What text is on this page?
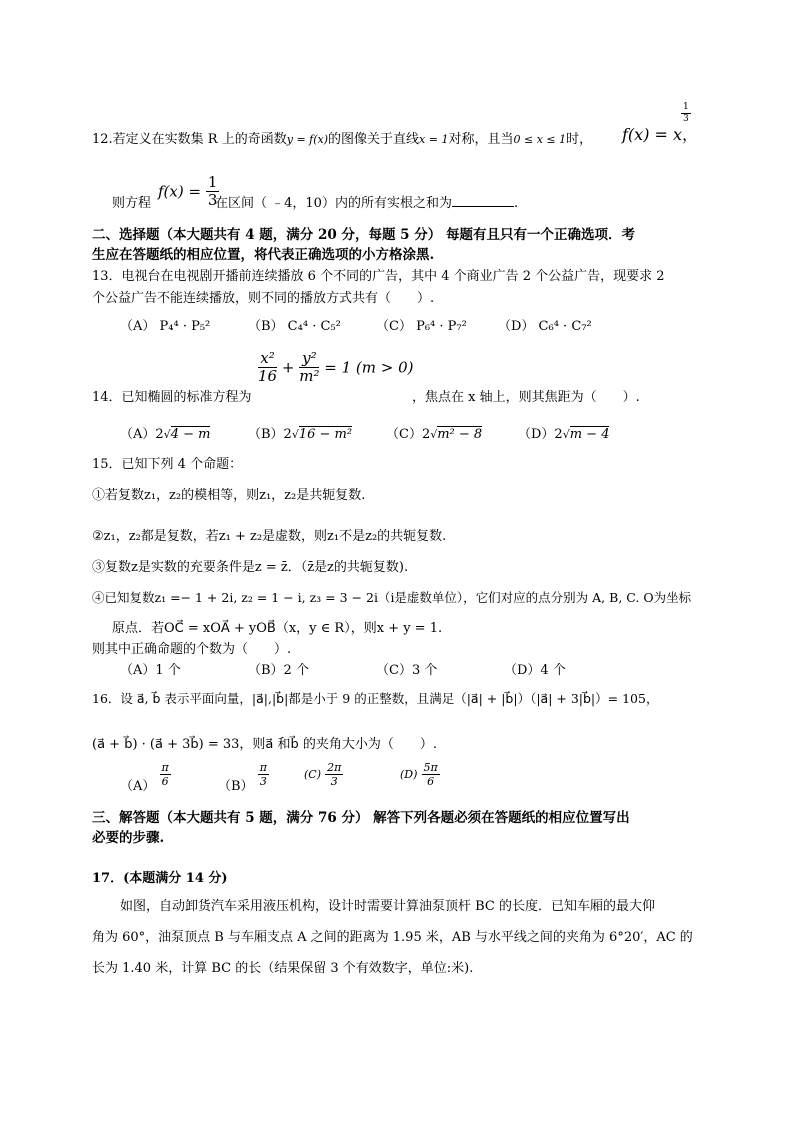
12.若定义在实数集 R 上的奇函数y = f(x)的图像关于直线x = 1对称，且当0 ≤ x ≤ 1时， f(x) = x，
$\frac{1}{3}$
则方程
$f(x) = \frac{1}{3}$
在区间（ ﹣4，10）内的所有实根之和为	.
二、选择题（本大题共有 4 题，满分 20 分，每题 5 分） 每题有且只有一个正确选项．考
生应在答题纸的相应位置，将代表正确选项的小方格涂黑.
13．电视台在电视剧开播前连续播放 6 个不同的广告，其中 4 个商业广告 2 个公益广告，现要求 2
个公益广告不能连续播放，则不同的播放方式共有（　　）.
（A） P₄⁴ · P₅²	（B） C₄⁴ · C₅²	（C） P₆⁴ · P₇² （D） C₆⁴ · C₇²
14．已知椭圆的标准方程为
$\frac{\text{x²}}{16} + \frac{\text{y²}}{\text{m²}} = 1$ (m > 0)
，焦点在 x 轴上，则其焦距为（　　）.
（A）2√4 − m	（B）2√16 − m²	（C）2√m² − 8	（D）2√m − 4
15．已知下列 4 个命题：
①若复数z₁，z₂的模相等，则z₁，z₂是共轭复数.
②z₁，z₂都是复数，若z₁ + z₂是虚数，则z₁不是z₂的共轭复数.
③复数z是实数的充要条件是z = z̄．（z̄是z的共轭复数).
④已知复数z₁ =− 1 + 2i, z₂ = 1 − i, z₃ = 3 − 2i（i是虚数单位），它们对应的点分别为 A, B, C. O为坐标
原点．若OC⃗ = xOA⃗ + yOB⃗（x，y ∈ R），则x + y = 1.
则其中正确命题的个数为（　　）.
（A）1 个	（B）2 个	（C）3 个	（D）4 个
16．设 a⃗, b⃗ 表示平面向量，|a⃗|,|b⃗|都是小于 9 的正整数，且满足（|a⃗| + |b⃗|）（|a⃗| + 3|b⃗|）= 105，
(a⃗ + b⃗) · (a⃗ + 3b⃗) = 33，则a⃗ 和b⃗ 的夹角大小为（　　）.
$(A) \frac{\pi}{6}$	$(B) \frac{\pi}{3}$	$(C) \frac{2\pi}{3}$	$(D) \frac{5\pi}{6}$
三、解答题（本大题共有 5 题，满分 76 分） 解答下列各题必须在答题纸的相应位置写出
必要的步骤.
17．(本题满分 14 分)
如图，自动卸货汽车采用液压机构，设计时需要计算油泵顶杆 BC 的长度．已知车厢的最大仰
角为 60°，油泵顶点 B 与车厢支点 A 之间的距离为 1.95 米，AB 与水平线之间的夹角为 6°20′，AC 的
长为 1.40 米，计算 BC 的长（结果保留 3 个有效数字，单位:米).
